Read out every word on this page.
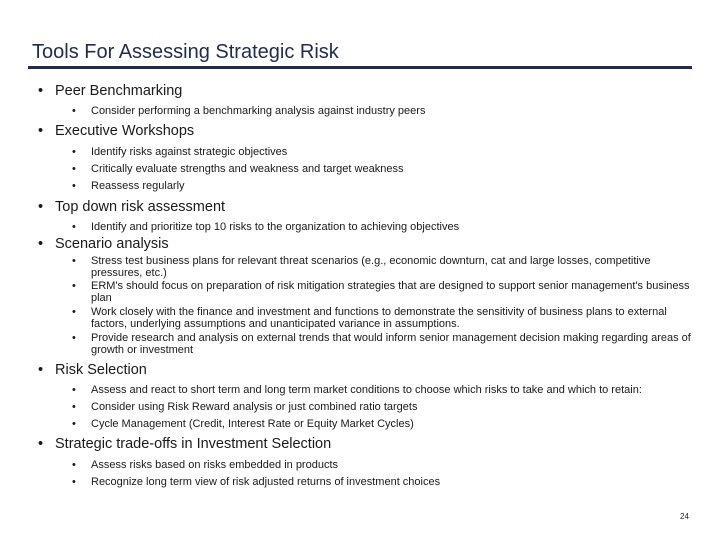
Tools For Assessing Strategic Risk
• Peer Benchmarking
• Consider performing a benchmarking analysis against industry peers
• Executive Workshops
• Identify risks against strategic objectives
• Critically evaluate strengths and weakness and target weakness
• Reassess regularly
• Top down risk assessment
• Identify and prioritize top 10 risks to the organization to achieving objectives
• Scenario analysis
• Stress test business plans for relevant threat scenarios (e.g., economic downturn, cat and large losses, competitive pressures, etc.)
• ERM's should focus on preparation of risk mitigation strategies that are designed to support senior management's business plan
• Work closely with the finance and investment and functions to demonstrate the sensitivity of business plans to external factors, underlying assumptions and unanticipated variance in assumptions.
• Provide research and analysis on external trends that would inform senior management decision making regarding areas of growth or investment
• Risk Selection
• Assess and react to short term and long term market conditions to choose which risks to take and which to retain:
• Consider using Risk Reward analysis or just combined ratio targets
• Cycle Management (Credit, Interest Rate or Equity Market Cycles)
• Strategic trade-offs in Investment Selection
• Assess risks based on risks embedded in products
• Recognize long term view of risk adjusted returns of investment choices
24
